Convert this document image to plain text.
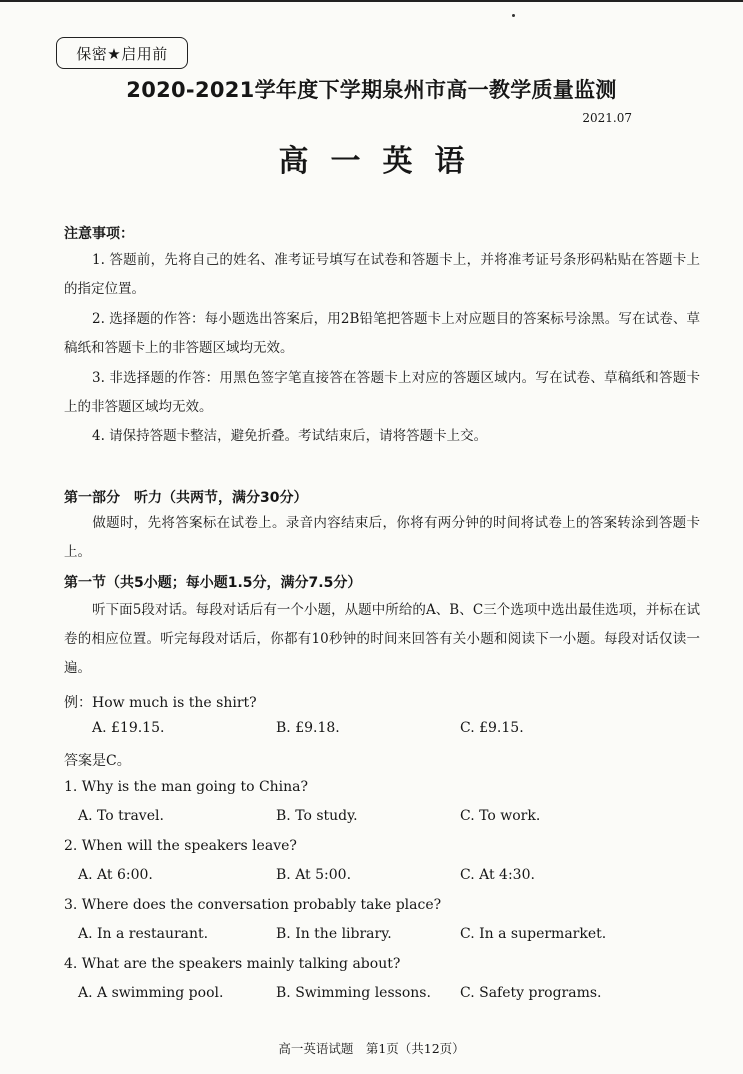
保密★启用前
2020-2021学年度下学期泉州市高一教学质量监测
2021.07
高一英语
注意事项：
1. 答题前，先将自己的姓名、准考证号填写在试卷和答题卡上，并将准考证号条形码粘贴在答题卡上的指定位置。
2. 选择题的作答：每小题选出答案后，用2B铅笔把答题卡上对应题目的答案标号涂黑。写在试卷、草稿纸和答题卡上的非答题区域均无效。
3. 非选择题的作答：用黑色签字笔直接答在答题卡上对应的答题区域内。写在试卷、草稿纸和答题卡上的非答题区域均无效。
4. 请保持答题卡整洁，避免折叠。考试结束后，请将答题卡上交。
第一部分　听力（共两节，满分30分）
做题时，先将答案标在试卷上。录音内容结束后，你将有两分钟的时间将试卷上的答案转涂到答题卡上。
第一节（共5小题；每小题1.5分，满分7.5分）
听下面5段对话。每段对话后有一个小题，从题中所给的A、B、C三个选项中选出最佳选项，并标在试卷的相应位置。听完每段对话后，你都有10秒钟的时间来回答有关小题和阅读下一小题。每段对话仅读一遍。
例：How much is the shirt?
A. £19.15.	B. £9.18.	C. £9.15.
答案是C。
1. Why is the man going to China?
A. To travel.	B. To study.	C. To work.
2. When will the speakers leave?
A. At 6:00.	B. At 5:00.	C. At 4:30.
3. Where does the conversation probably take place?
A. In a restaurant.	B. In the library.	C. In a supermarket.
4. What are the speakers mainly talking about?
A. A swimming pool.	B. Swimming lessons. C. Safety programs.
高一英语试题　第1页（共12页）
